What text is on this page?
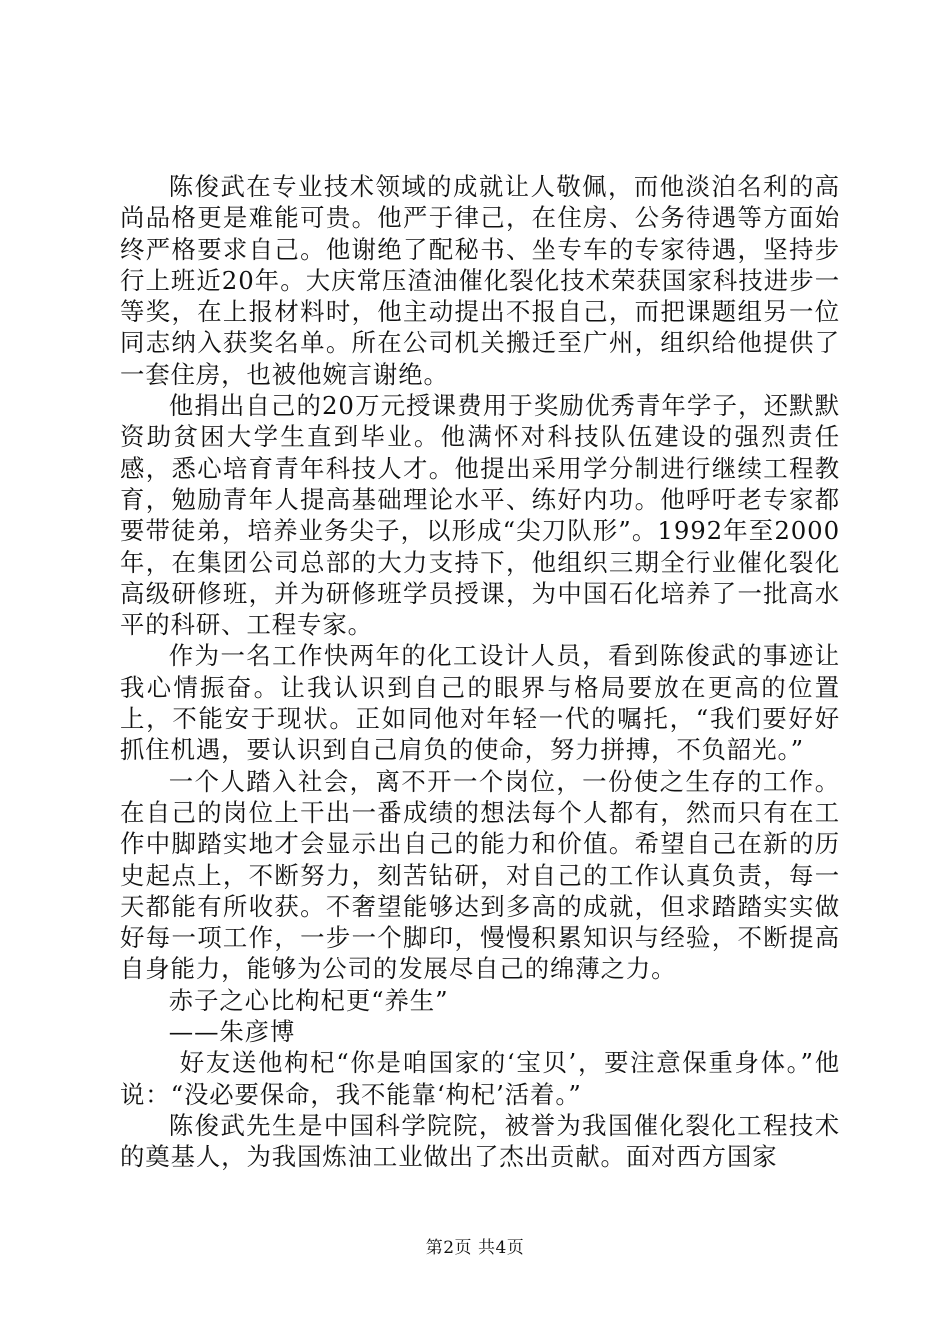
陈俊武在专业技术领域的成就让人敬佩，而他淡泊名利的高尚品格更是难能可贵。他严于律己，在住房、公务待遇等方面始终严格要求自己。他谢绝了配秘书、坐专车的专家待遇，坚持步行上班近20年。大庆常压渣油催化裂化技术荣获国家科技进步一等奖，在上报材料时，他主动提出不报自己，而把课题组另一位同志纳入获奖名单。所在公司机关搬迁至广州，组织给他提供了一套住房，也被他婉言谢绝。

他捐出自己的20万元授课费用于奖励优秀青年学子，还默默资助贫困大学生直到毕业。他满怀对科技队伍建设的强烈责任感，悉心培育青年科技人才。他提出采用学分制进行继续工程教育，勉励青年人提高基础理论水平、练好内功。他呼吁老专家都要带徒弟，培养业务尖子，以形成“尖刀队形”。1992年至2000年，在集团公司总部的大力支持下，他组织三期全行业催化裂化高级研修班，并为研修班学员授课，为中国石化培养了一批高水平的科研、工程专家。

作为一名工作快两年的化工设计人员，看到陈俊武的事迹让我心情振奋。让我认识到自己的眼界与格局要放在更高的位置上，不能安于现状。正如同他对年轻一代的嘱托，“我们要好好抓住机遇，要认识到自己肩负的使命，努力拼搏，不负韶光。”

一个人踏入社会，离不开一个岗位，一份使之生存的工作。在自己的岗位上干出一番成绩的想法每个人都有，然而只有在工作中脚踏实地才会显示出自己的能力和价值。希望自己在新的历史起点上，不断努力，刻苦钻研，对自己的工作认真负责，每一天都能有所收获。不奢望能够达到多高的成就，但求踏踏实实做好每一项工作，一步一个脚印，慢慢积累知识与经验，不断提高自身能力，能够为公司的发展尽自己的绵薄之力。

赤子之心比枸杞更“养生”

——朱彦博

好友送他枸杞“你是咱国家的‘宝贝’，要注意保重身体。”他说：“没必要保命，我不能靠‘枸杞’活着。”

陈俊武先生是中国科学院院，被誉为我国催化裂化工程技术的奠基人，为我国炼油工业做出了杰出贡献。面对西方国家

第2页 共4页
